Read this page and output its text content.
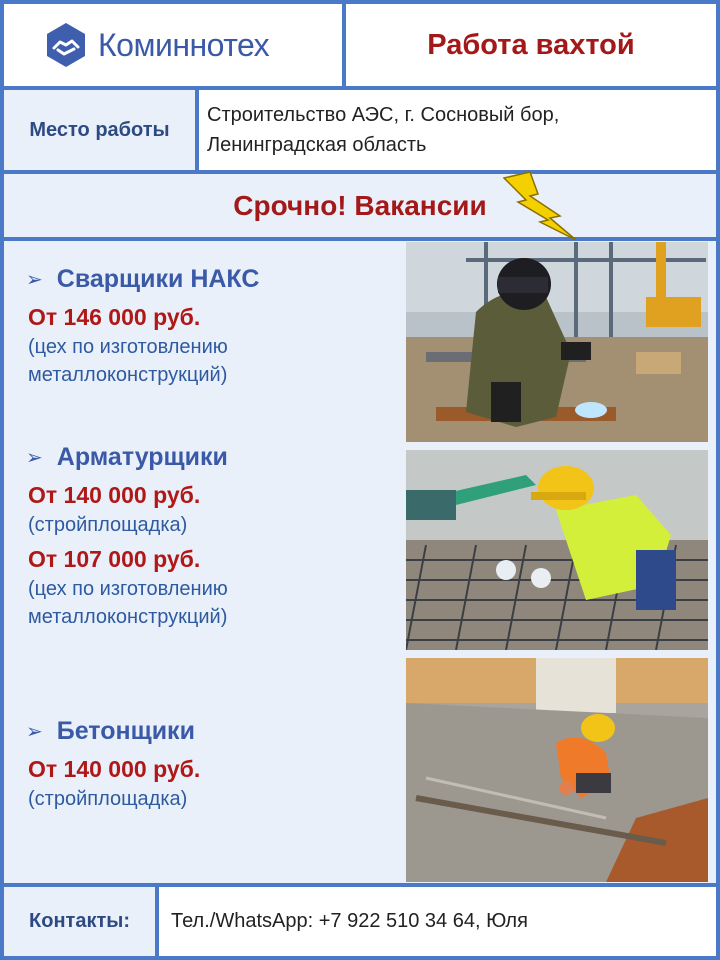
Коминнотех	Работа вахтой
Место работы

Строительство АЭС, г. Сосновый бор,

Ленинградская область

Срочно! Вакансии

➢ Сварщики НАКС

От 146 000 руб.

(цех по изготовлению

металлоконструкций)

➢ Арматурщики

От 140 000 руб.

(стройплощадка)

От 107 000 руб.

(цех по изготовлению

металлоконструкций)

➢ Бетонщики

От 140 000 руб.

(стройплощадка)

Контакты: Тел./WhatsApp: +7 922 510 34 64, Юля
